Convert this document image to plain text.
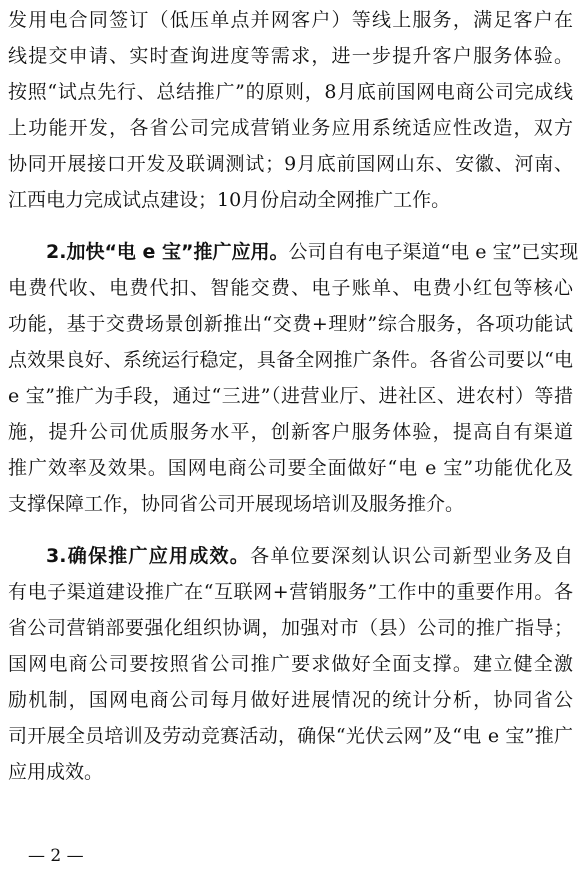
发用电合同签订（低压单点并网客户）等线上服务，满足客户在
线提交申请、实时查询进度等需求，进一步提升客户服务体验。
按照“试点先行、总结推广”的原则，8月底前国网电商公司完成线
上功能开发，各省公司完成营销业务应用系统适应性改造，双方
协同开展接口开发及联调测试；9月底前国网山东、安徽、河南、
江西电力完成试点建设；10月份启动全网推广工作。
2.加快“电 e 宝”推广应用。公司自有电子渠道“电 e 宝”已实现
电费代收、电费代扣、智能交费、电子账单、电费小红包等核心
功能，基于交费场景创新推出“交费+理财”综合服务，各项功能试
点效果良好、系统运行稳定，具备全网推广条件。各省公司要以“电
e 宝”推广为手段，通过“三进”（进营业厅、进社区、进农村）等措
施，提升公司优质服务水平，创新客户服务体验，提高自有渠道
推广效率及效果。国网电商公司要全面做好“电 e 宝”功能优化及
支撑保障工作，协同省公司开展现场培训及服务推介。
3.确保推广应用成效。各单位要深刻认识公司新型业务及自
有电子渠道建设推广在“互联网+营销服务”工作中的重要作用。各
省公司营销部要强化组织协调，加强对市（县）公司的推广指导；
国网电商公司要按照省公司推广要求做好全面支撑。建立健全激
励机制，国网电商公司每月做好进展情况的统计分析，协同省公
司开展全员培训及劳动竞赛活动，确保“光伏云网”及“电 e 宝”推广
应用成效。
— 2 —
